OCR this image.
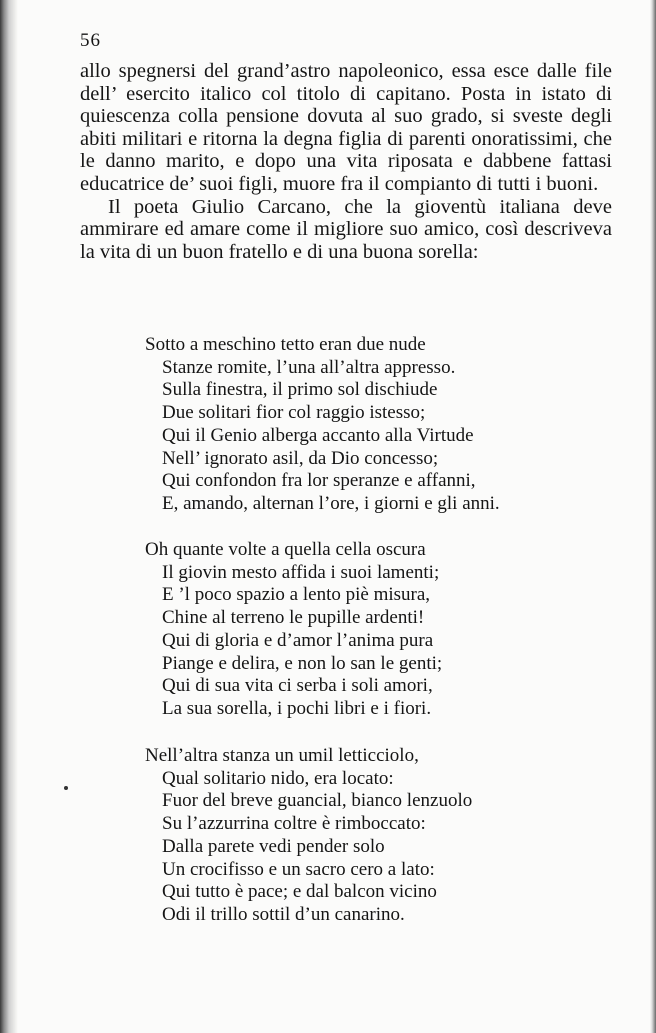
56

allo spegnersi del grand’astro napoleonico, essa esce dalle file dell’ esercito italico col titolo di capitano. Posta in istato di quiescenza colla pensione dovuta al suo grado, si sveste degli abiti militari e ritorna la degna figlia di parenti onoratissimi, che le danno marito, e dopo una vita riposata e dabbene fattasi educatrice de’ suoi figli, muore fra il compianto di tutti i buoni.

Il poeta Giulio Carcano, che la gioventù italiana deve ammirare ed amare come il migliore suo amico, così descriveva la vita di un buon fratello e di una buona sorella:

Sotto a meschino tetto eran due nude
Stanze romite, l’una all’altra appresso.
Sulla finestra, il primo sol dischiude
Due solitari fior col raggio istesso;
Qui il Genio alberga accanto alla Virtude
Nell’ ignorato asil, da Dio concesso;
Qui confondon fra lor speranze e affanni,
E, amando, alternan l’ore, i giorni e gli anni.
Oh quante volte a quella cella oscura
Il giovin mesto affida i suoi lamenti;
E ’l poco spazio a lento piè misura,
Chine al terreno le pupille ardenti!
Qui di gloria e d’amor l’anima pura
Piange e delira, e non lo san le genti;
Qui di sua vita ci serba i soli amori,
La sua sorella, i pochi libri e i fiori.
Nell’altra stanza un umil letticciolo,
Qual solitario nido, era locato:
Fuor del breve guancial, bianco lenzuolo
Su l’azzurrina coltre è rimboccato:
Dalla parete vedi pender solo
Un crocifisso e un sacro cero a lato:
Qui tutto è pace; e dal balcon vicino
Odi il trillo sottil d’un canarino.
